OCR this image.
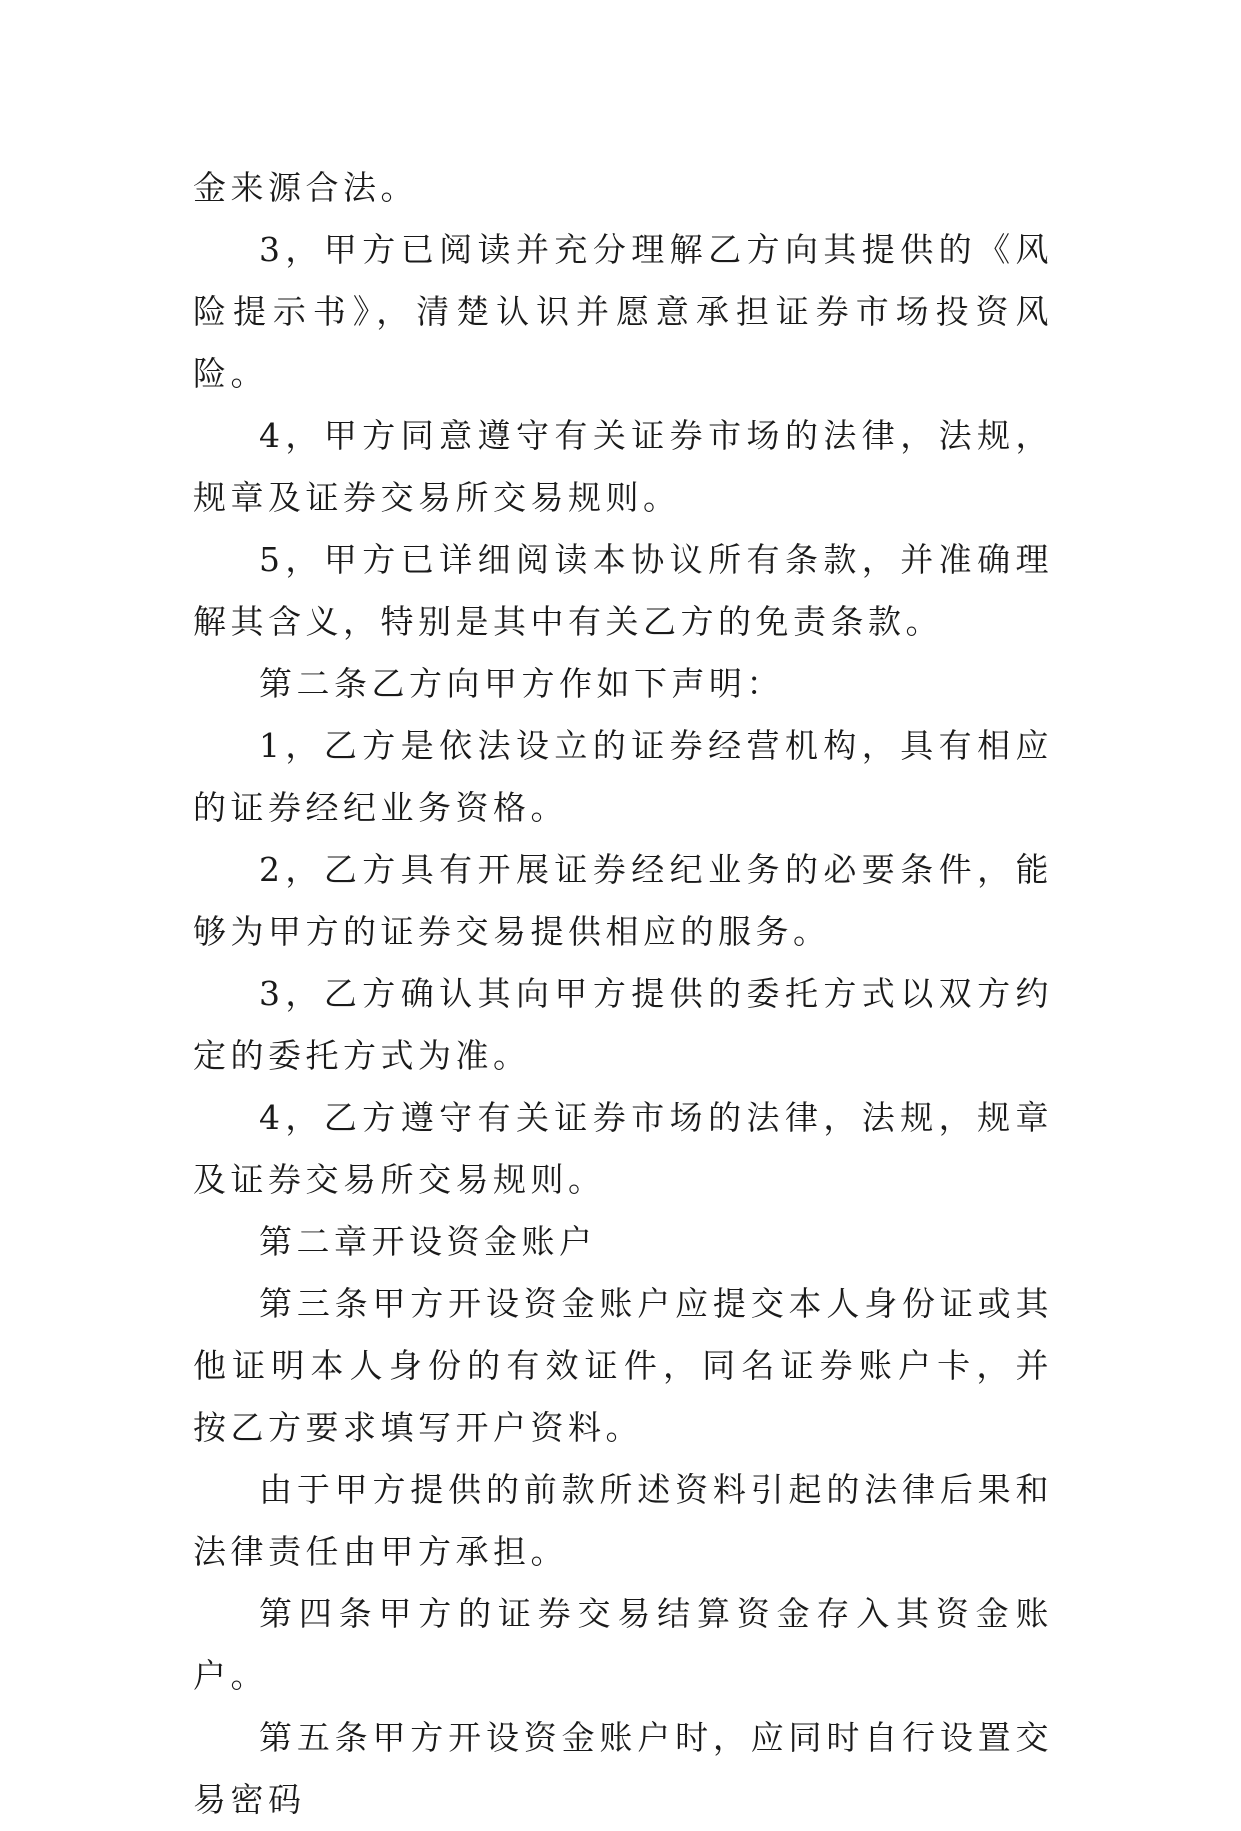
金来源合法。

3，甲方已阅读并充分理解乙方向其提供的《风险提示书》，清楚认识并愿意承担证券市场投资风险。

4，甲方同意遵守有关证券市场的法律，法规，规章及证券交易所交易规则。

5，甲方已详细阅读本协议所有条款，并准确理解其含义，特别是其中有关乙方的免责条款。

第二条乙方向甲方作如下声明：

1，乙方是依法设立的证券经营机构，具有相应的证券经纪业务资格。

2，乙方具有开展证券经纪业务的必要条件，能够为甲方的证券交易提供相应的服务。

3，乙方确认其向甲方提供的委托方式以双方约定的委托方式为准。

4，乙方遵守有关证券市场的法律，法规，规章及证券交易所交易规则。

第二章开设资金账户

第三条甲方开设资金账户应提交本人身份证或其他证明本人身份的有效证件，同名证券账户卡，并按乙方要求填写开户资料。

由于甲方提供的前款所述资料引起的法律后果和法律责任由甲方承担。

第四条甲方的证券交易结算资金存入其资金账户。

第五条甲方开设资金账户时，应同时自行设置交易密码
